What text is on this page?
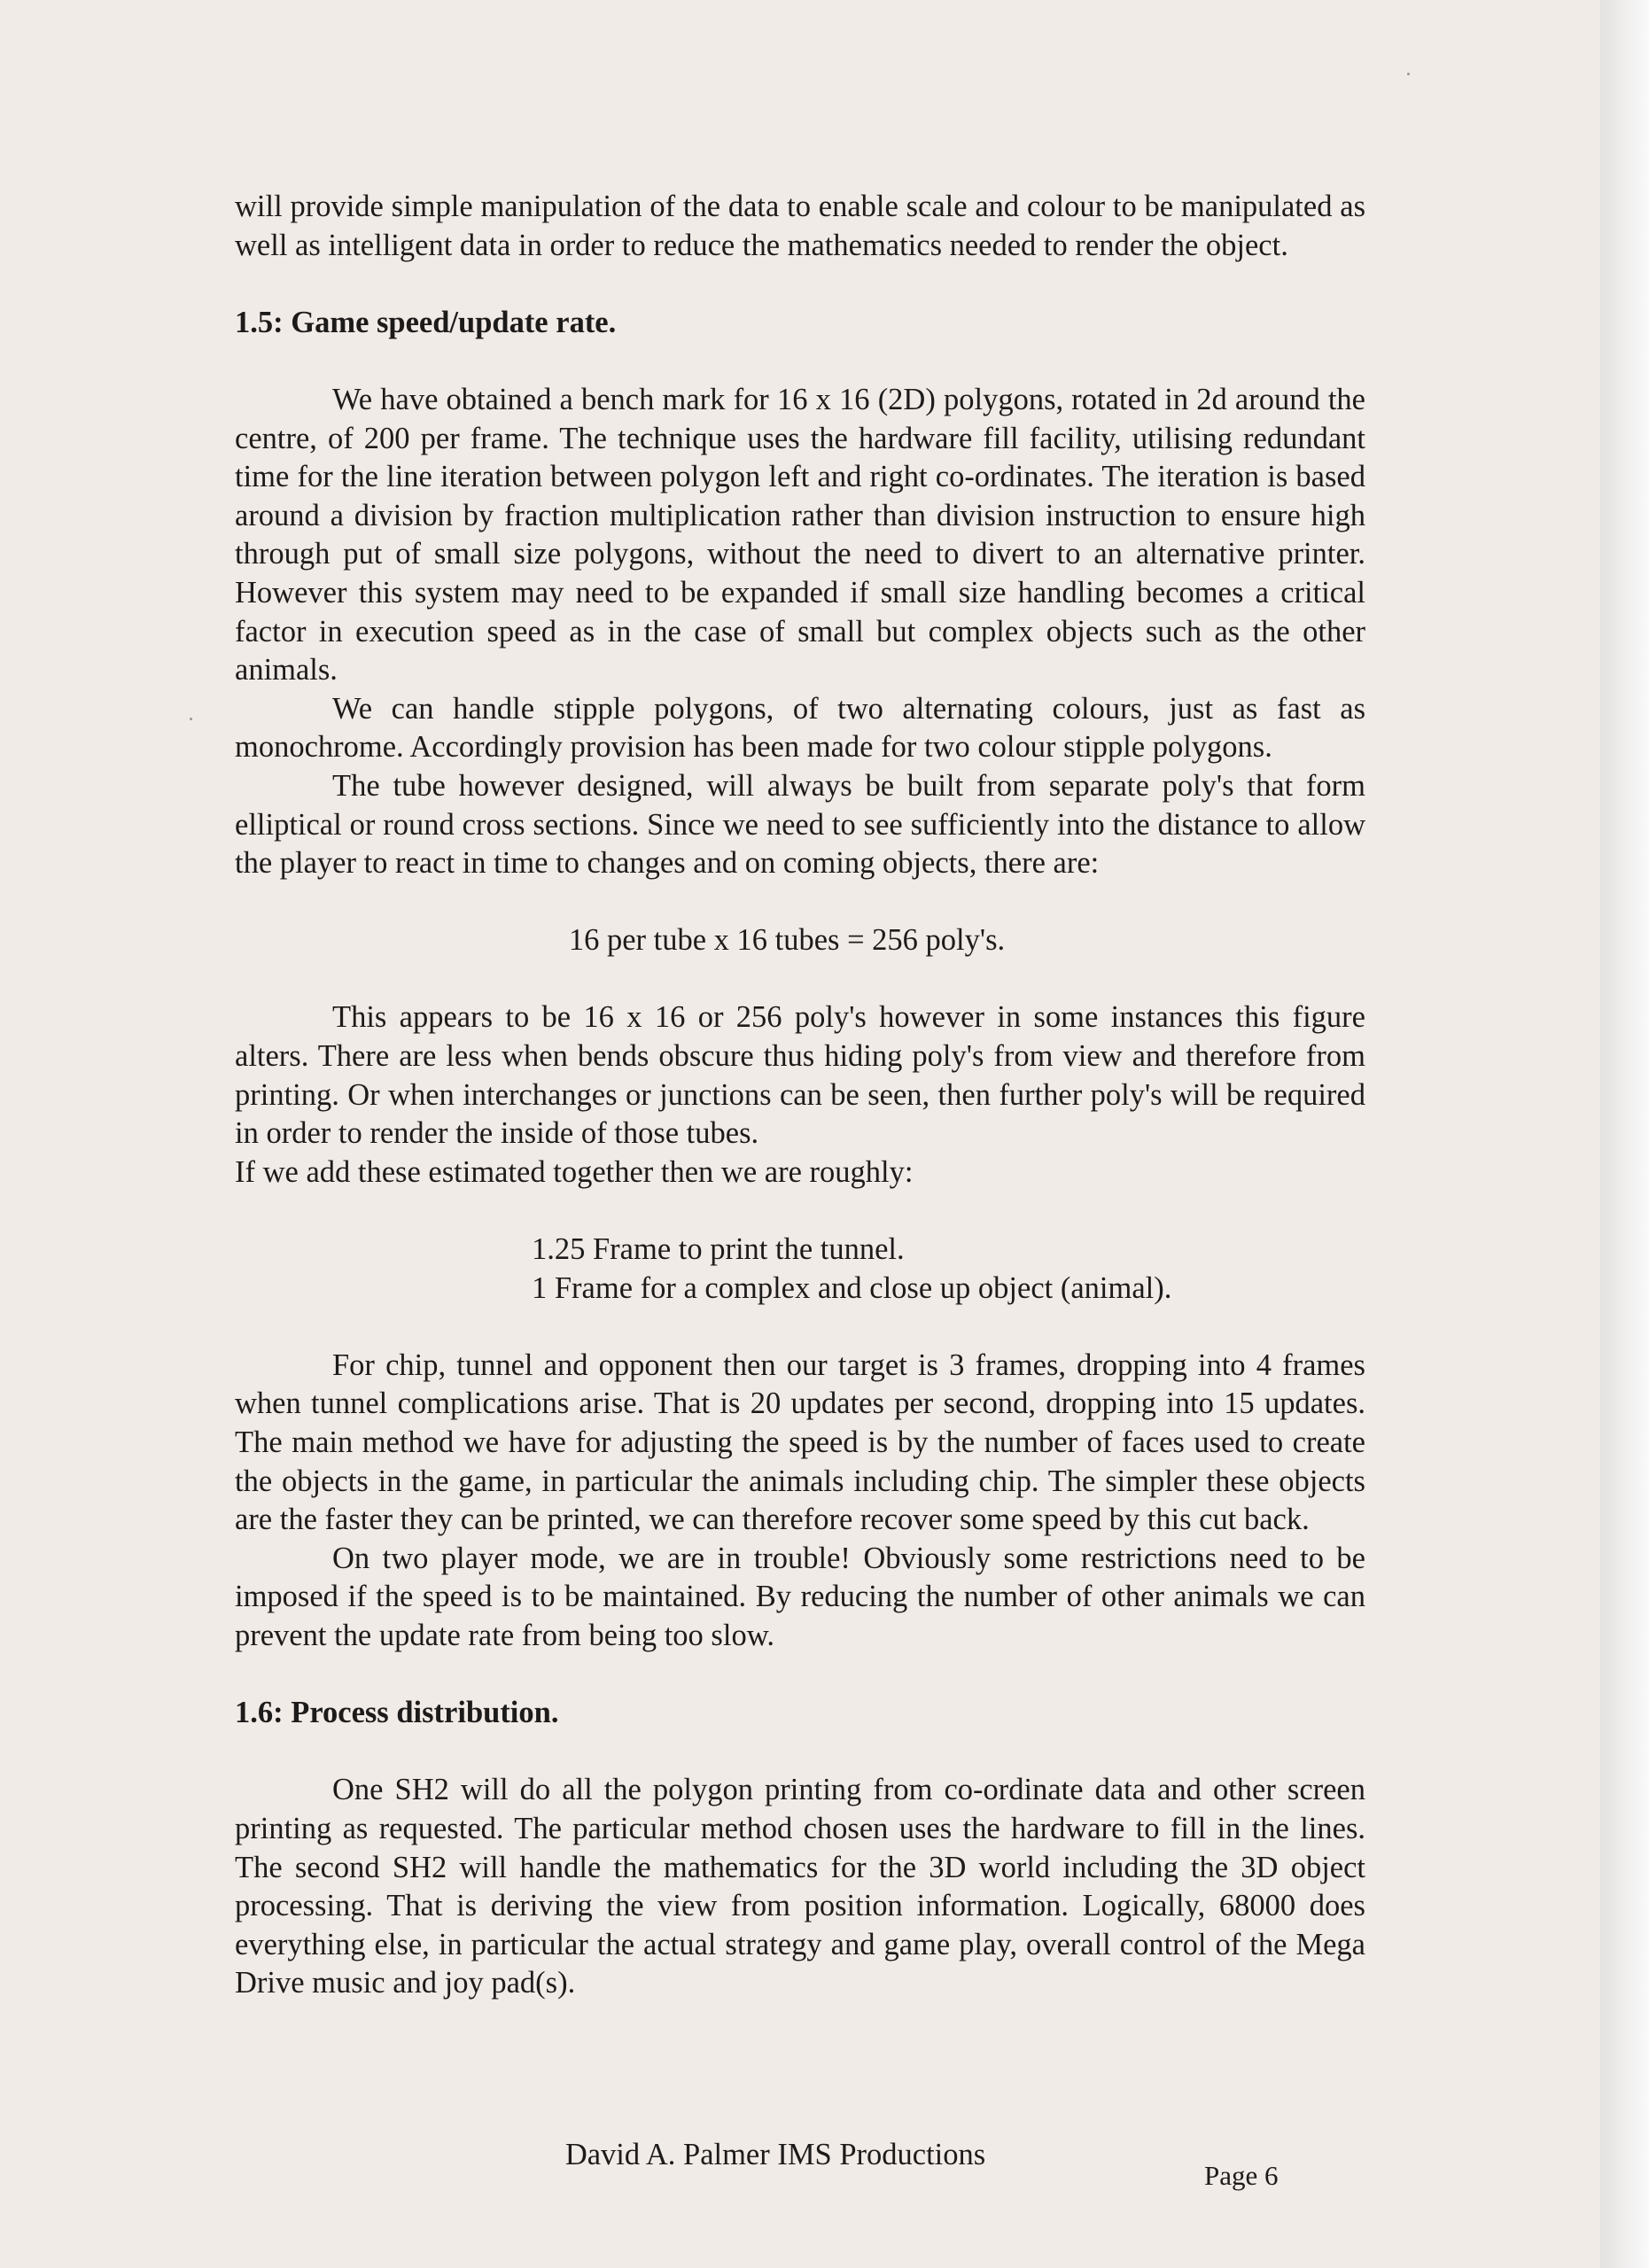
will provide simple manipulation of the data to enable scale and colour to be manipulated as well as intelligent data in order to reduce the mathematics needed to render the object.

1.5: Game speed/update rate.

We have obtained a bench mark for 16 x 16 (2D) polygons, rotated in 2d around the centre, of 200 per frame. The technique uses the hardware fill facility, utilising redundant time for the line iteration between polygon left and right co-ordinates. The iteration is based around a division by fraction multiplication rather than division instruction to ensure high through put of small size polygons, without the need to divert to an alternative printer. However this system may need to be expanded if small size handling becomes a critical factor in execution speed as in the case of small but complex objects such as the other animals.

We can handle stipple polygons, of two alternating colours, just as fast as monochrome. Accordingly provision has been made for two colour stipple polygons.

The tube however designed, will always be built from separate poly's that form elliptical or round cross sections. Since we need to see sufficiently into the distance to allow the player to react in time to changes and on coming objects, there are:

16 per tube x 16 tubes = 256 poly's.

This appears to be 16 x 16 or 256 poly's however in some instances this figure alters. There are less when bends obscure thus hiding poly's from view and therefore from printing. Or when interchanges or junctions can be seen, then further poly's will be required in order to render the inside of those tubes.

If we add these estimated together then we are roughly:

1.25 Frame to print the tunnel.
1 Frame for a complex and close up object (animal).

For chip, tunnel and opponent then our target is 3 frames, dropping into 4 frames when tunnel complications arise. That is 20 updates per second, dropping into 15 updates. The main method we have for adjusting the speed is by the number of faces used to create the objects in the game, in particular the animals including chip. The simpler these objects are the faster they can be printed, we can therefore recover some speed by this cut back.

On two player mode, we are in trouble! Obviously some restrictions need to be imposed if the speed is to be maintained. By reducing the number of other animals we can prevent the update rate from being too slow.

1.6: Process distribution.

One SH2 will do all the polygon printing from co-ordinate data and other screen printing as requested. The particular method chosen uses the hardware to fill in the lines. The second SH2 will handle the mathematics for the 3D world including the 3D object processing. That is deriving the view from position information. Logically, 68000 does everything else, in particular the actual strategy and game play, overall control of the Mega Drive music and joy pad(s).

David A. Palmer IMS Productions
Page 6
